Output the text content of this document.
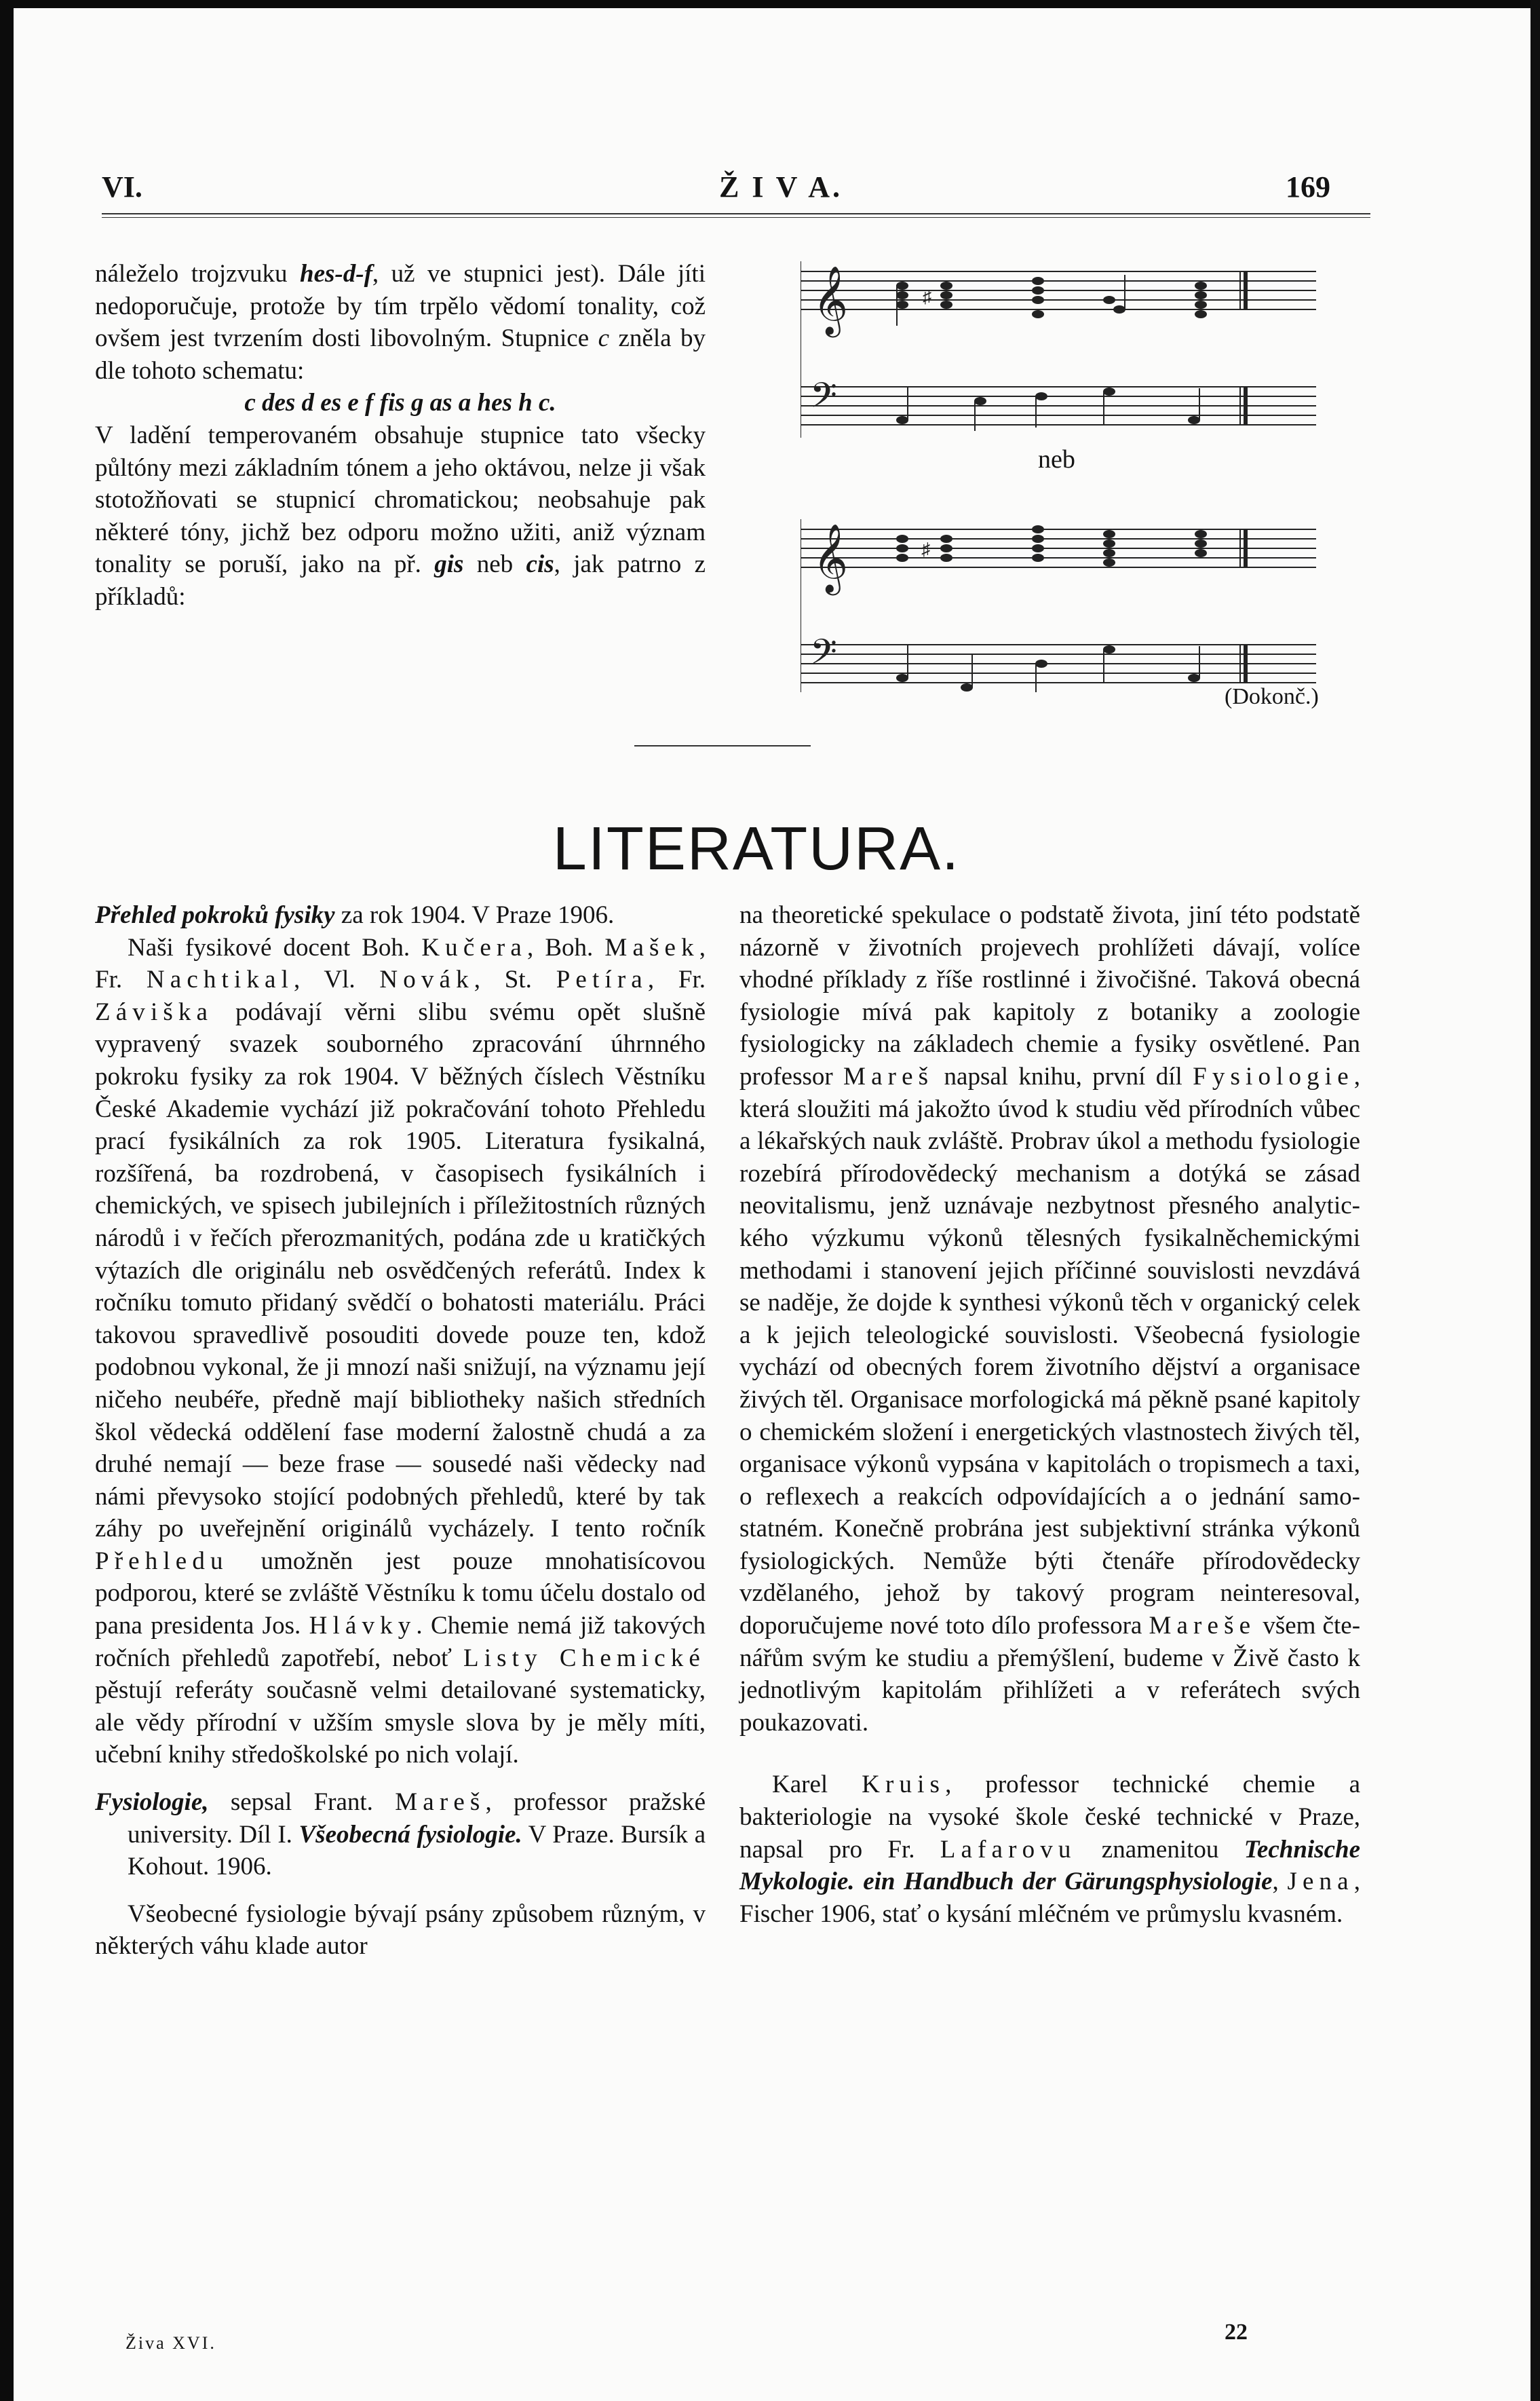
VI.	Ž I V A.	169

náleželo trojzvuku hes-d-f, už ve stupnici jest). Dále jíti nedoporučuje, protože by tím trpělo vědomí tonality, což ovšem jest tvrzením dosti libovolným. Stupnice c zněla by dle tohoto schematu:

c des d es e f fis g as a hes h c.

V ladění temperovaném obsahuje stupnice tato všecky půltóny mezi základním tónem a jeho oktávou, nelze ji však stotožňovati se stupnicí chromatickou; neobsahuje pak některé tóny, jichž bez odporu možno užiti, aniž význam tonality se poruší, jako na př. gis neb cis, jak patrno z příkladů:

𝄞
𝄢
𝄞
𝄢
♯
♯
neb
(Dokonč.)
LITERATURA.

Přehled pokroků fysiky za rok 1904. V Praze 1906.

Naši fysikové docent Boh. Kučera, Boh. Mašek, Fr. Nachtikal, Vl. Novák, St. Petíra, Fr. Záviška podávají věrni slibu svému opět slušně vypravený svazek souborného zpracování úhrnného pokroku fysiky za rok 1904. V běžných číslech Věstníku České Akademie vychází již pokračování tohoto Přehledu prací fysikálních za rok 1905. Literatura fysikalná, rozšířená, ba rozdrobená, v časopisech fysikálních i chemických, ve spisech jubilejních i příležitostních různých národů i v řečích přerozmanitých, podána zde u kratičkých výtazích dle originálu neb osvědčených referátů. Index k ročníku tomuto přidaný svědčí o bohatosti materiálu. Práci takovou spravedlivě posouditi dovede pouze ten, kdož podobnou vykonal, že ji mnozí naši snižují, na významu její ničeho neubéře, předně mají bibliotheky našich středních škol vědecká oddělení fase moderní žalostně chudá a za druhé nemají — beze frase — sousedé naši vědecky nad námi převysoko stojící podobných přehledů, které by tak záhy po uveřejnění originálů vycházely. I tento ročník Přehledu umožněn jest pouze mnohatisícovou podporou, které se zvláště Věstníku k tomu účelu dostalo od pana presidenta Jos. Hlávky. Chemie nemá již takových ročních přehledů zapotřebí, neboť Listy Chemické pěstují referáty současně velmi detailované systematicky, ale vědy přírodní v užším smysle slova by je měly míti, učební knihy středoškolské po nich volají.

Fysiologie, sepsal Frant. Mareš, professor pražské university. Díl I. Všeobecná fysiologie. V Praze. Bursík a Kohout. 1906.

Všeobecné fysiologie bývají psány způsobem různým, v některých váhu klade autor

na theoretické spekulace o podstatě života, jiní této podstatě názorně v životních projevech prohlížeti dávají, volíce vhodné příklady z říše rostlinné i živočišné. Taková obecná fysiologie mívá pak kapitoly z botaniky a zoologie fysiologicky na základech chemie a fysiky osvětlené. Pan professor Mareš napsal knihu, první díl Fysiologie, která sloužiti má jakožto úvod k studiu věd přírodních vůbec a lékařských nauk zvláště. Probrav úkol a methodu fysiologie rozebírá přírodovědecký mechanism a dotýká se zásad neovitalismu, jenž uznávaje nezbytnost přesného analytického výzkumu výkonů tělesných fysikalněchemickými methodami i stanovení jejich příčinné souvislosti nevzdává se naděje, že dojde k synthesi výkonů těch v organický celek a k jejich teleologické souvislosti. Všeobecná fysiologie vychází od obecných forem životního dějství a organisace živých těl. Organisace morfologická má pěkně psané kapitoly o chemickém složení i energetických vlastnostech živých těl, organisace výkonů vypsána v kapitolách o tropismech a taxi, o reflexech a reakcích odpovídajících a o jednání samostatném. Konečně probrána jest subjektivní stránka výkonů fysiologických. Nemůže býti čtenáře přírodovědecky vzdělaného, jehož by takový program neinteresoval, doporučujeme nové toto dílo professora Mareše všem čtenářům svým ke studiu a přemýšlení, budeme v Živě často k jednotlivým kapitolám přihlížeti a v referátech svých poukazovati.

Karel Kruis, professor technické chemie a bakteriologie na vysoké škole české technické v Praze, napsal pro Fr. Lafarovu znamenitou Technische Mykologie. ein Handbuch der Gärungsphysiologie, Jena, Fischer 1906, stať o kysání mléčném ve průmyslu kvasném.

Živa XVI.	22
